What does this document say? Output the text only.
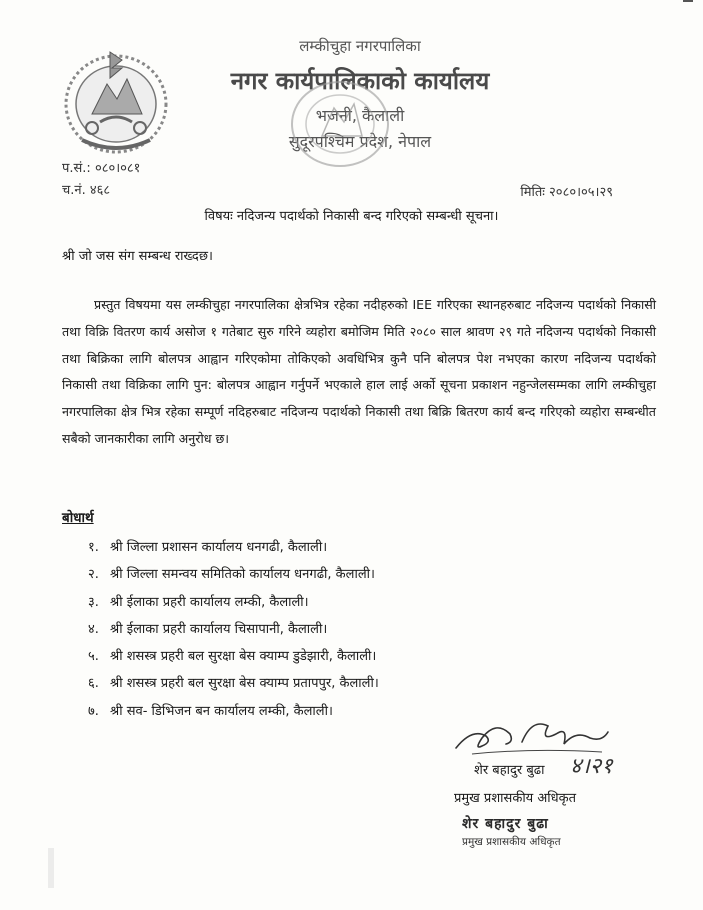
लम्कीचुहा नगरपालिका
नगर कार्यपालिकाको कार्यालय
भजनी, कैलाली
सुदूरपश्चिम प्रदेश, नेपाल
प.सं.: ०८०।०८१
च.नं. ४६८	मितिः २०८०।०५।२९
विषयः नदिजन्य पदार्थको निकासी बन्द गरिएको सम्बन्धी सूचना।
श्री जो जस संग सम्बन्ध राख्दछ।
प्रस्तुत विषयमा यस लम्कीचुहा नगरपालिका क्षेत्रभित्र रहेका नदीहरुको IEE गरिएका स्थानहरुबाट नदिजन्य पदार्थको निकासी तथा विक्रि वितरण कार्य असोज १ गतेबाट सुरु गरिने व्यहोरा बमोजिम मिति २०८० साल श्रावण २९ गते नदिजन्य पदार्थको निकासी तथा बिक्रिका लागि बोलपत्र आह्वान गरिएकोमा तोकिएको अवधिभित्र कुनै पनि बोलपत्र पेश नभएका कारण नदिजन्य पदार्थको निकासी तथा विक्रिका लागि पुन: बोलपत्र आह्वान गर्नुपर्ने भएकाले हाल लाई अर्को सूचना प्रकाशन नहुन्जेलसम्मका लागि लम्कीचुहा नगरपालिका क्षेत्र भित्र रहेका सम्पूर्ण नदिहरुबाट नदिजन्य पदार्थको निकासी तथा बिक्रि बितरण कार्य बन्द गरिएको व्यहोरा सम्बन्धीत सबैको जानकारीका लागि अनुरोध छ।
बोधार्थ
१. श्री जिल्ला प्रशासन कार्यालय धनगढी, कैलाली।
२. श्री जिल्ला समन्वय समितिको कार्यालय धनगढी, कैलाली।
३. श्री ईलाका प्रहरी कार्यालय लम्की, कैलाली।
४. श्री ईलाका प्रहरी कार्यालय चिसापानी, कैलाली।
५. श्री शसस्त्र प्रहरी बल सुरक्षा बेस क्याम्प डुडेझारी, कैलाली।
६. श्री शसस्त्र प्रहरी बल सुरक्षा बेस क्याम्प प्रतापपुर, कैलाली।
७. श्री सव- डिभिजन बन कार्यालय लम्की, कैलाली।
शेर बहादुर बुढा ४।२१
प्रमुख प्रशासकीय अधिकृत
शेर बहादुर बुढा
प्रमुख प्रशासकीय अधिकृत
